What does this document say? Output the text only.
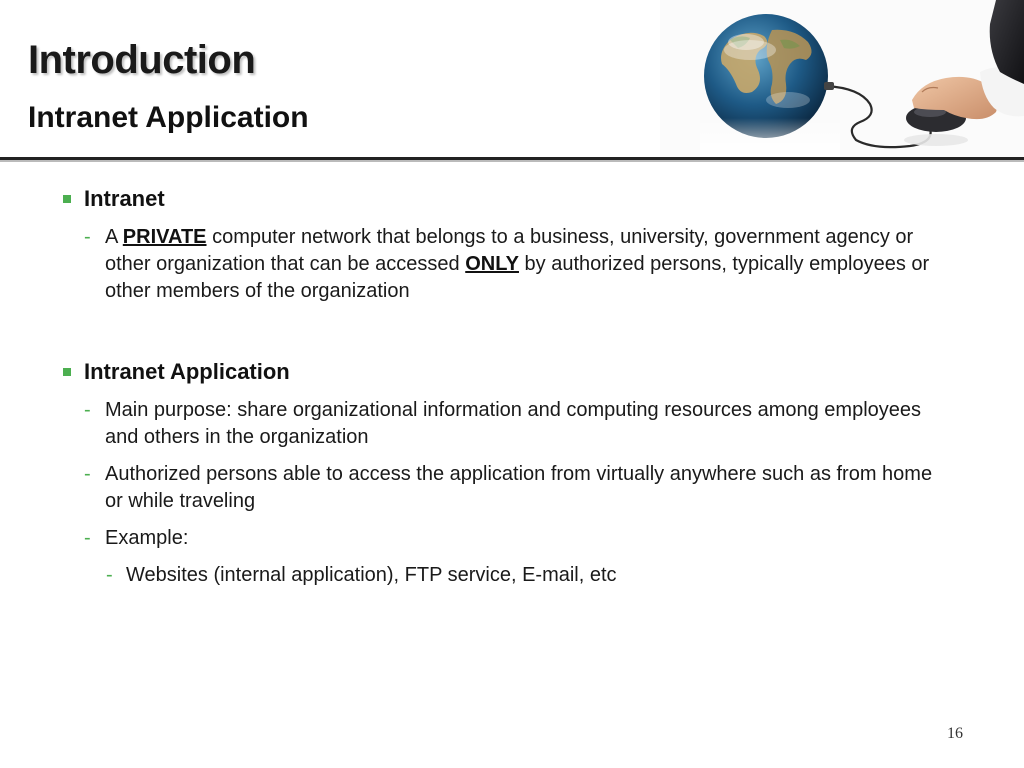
Introduction
Intranet Application

Intranet

- A PRIVATE computer network that belongs to a business, university, government agency or other organization that can be accessed ONLY by authorized persons, typically employees or other members of the organization

Intranet Application

- Main purpose: share organizational information and computing resources among employees and others in the organization

- Authorized persons able to access the application from virtually anywhere such as from home or while traveling

- Example:

- Websites (internal application), FTP service, E-mail, etc

16
